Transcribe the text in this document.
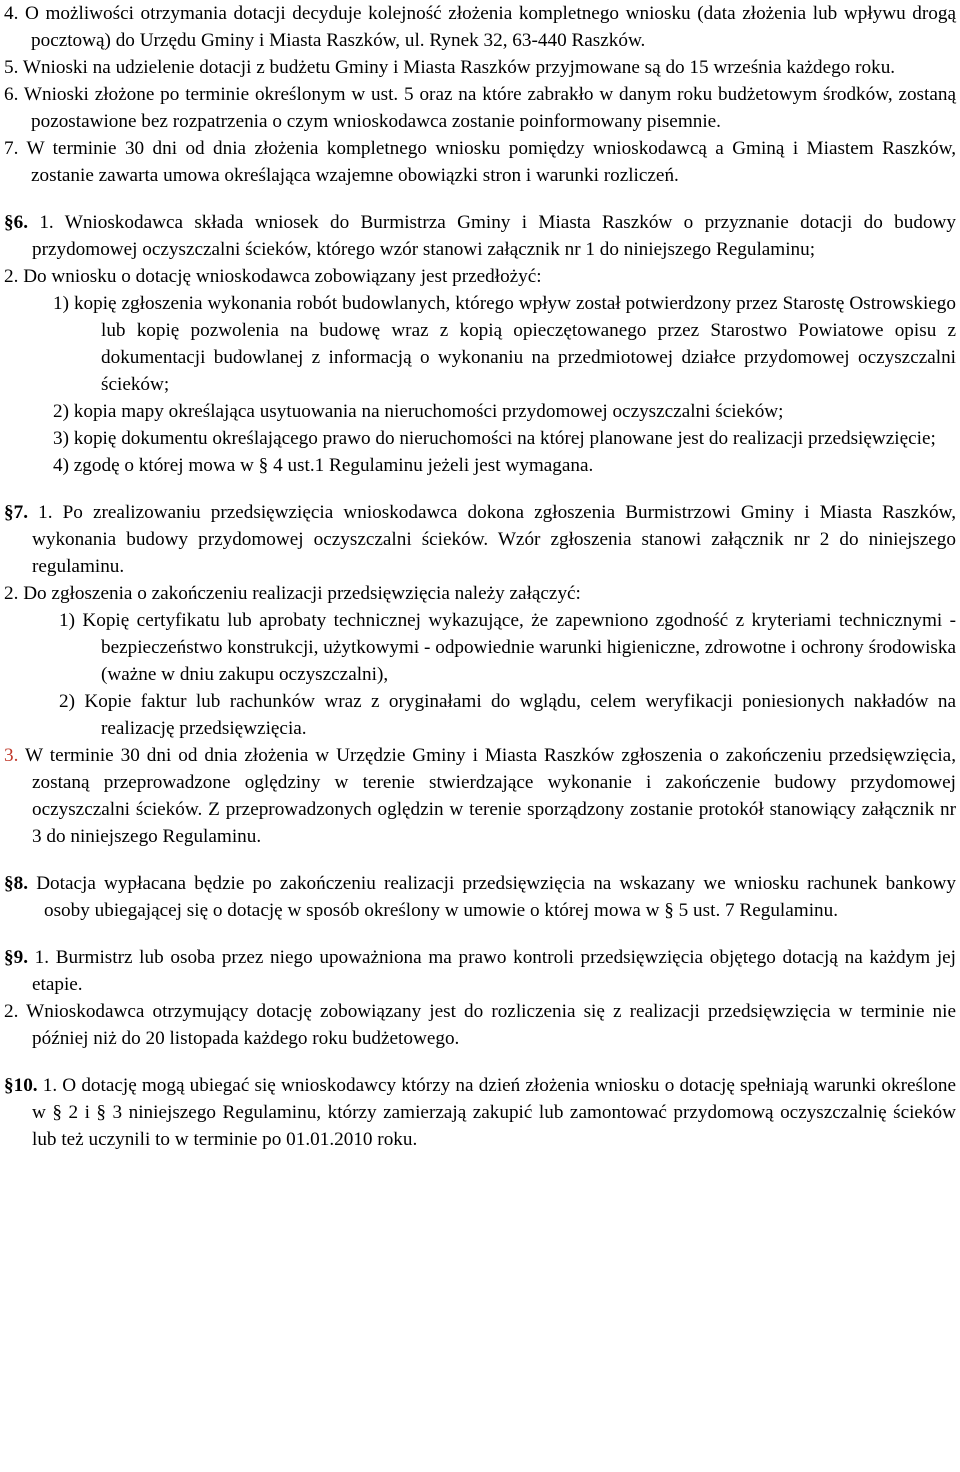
4. O możliwości otrzymania dotacji decyduje kolejność złożenia kompletnego wniosku (data złożenia lub wpływu drogą pocztową) do Urzędu Gminy i Miasta Raszków, ul. Rynek 32, 63-440 Raszków.

5. Wnioski na udzielenie dotacji z budżetu Gminy i Miasta Raszków przyjmowane są do 15 września każdego roku.

6. Wnioski złożone po terminie określonym w ust. 5 oraz na które zabrakło w danym roku budżetowym środków, zostaną pozostawione bez rozpatrzenia o czym wnioskodawca zostanie poinformowany pisemnie.

7. W terminie 30 dni od dnia złożenia kompletnego wniosku pomiędzy wnioskodawcą a Gminą i Miastem Raszków, zostanie zawarta umowa określająca wzajemne obowiązki stron i warunki rozliczeń.

§6. 1. Wnioskodawca składa wniosek do Burmistrza Gminy i Miasta Raszków o przyznanie dotacji do budowy przydomowej oczyszczalni ścieków, którego wzór stanowi załącznik nr 1 do niniejszego Regulaminu;

2. Do wniosku o dotację wnioskodawca zobowiązany jest przedłożyć:

1) kopię zgłoszenia wykonania robót budowlanych, którego wpływ został potwierdzony przez Starostę Ostrowskiego lub kopię pozwolenia na budowę wraz z kopią opieczętowanego przez Starostwo Powiatowe opisu z dokumentacji budowlanej z informacją o wykonaniu na przedmiotowej działce przydomowej oczyszczalni ścieków;

2) kopia mapy określająca usytuowania na nieruchomości przydomowej oczyszczalni ścieków;

3) kopię dokumentu określającego prawo do nieruchomości na której planowane jest do realizacji przedsięwzięcie;

4) zgodę o której mowa w § 4 ust.1 Regulaminu jeżeli jest wymagana.

§7. 1. Po zrealizowaniu przedsięwzięcia wnioskodawca dokona zgłoszenia Burmistrzowi Gminy i Miasta Raszków, wykonania budowy przydomowej oczyszczalni ścieków. Wzór zgłoszenia stanowi załącznik nr 2 do niniejszego regulaminu.

2. Do zgłoszenia o zakończeniu realizacji przedsięwzięcia należy załączyć:

1) Kopię certyfikatu lub aprobaty technicznej wykazujące, że zapewniono zgodność z kryteriami technicznymi - bezpieczeństwo konstrukcji, użytkowymi - odpowiednie warunki higieniczne, zdrowotne i ochrony środowiska (ważne w dniu zakupu oczyszczalni),

2) Kopie faktur lub rachunków wraz z oryginałami do wglądu, celem weryfikacji poniesionych nakładów na realizację przedsięwzięcia.

3. W terminie 30 dni od dnia złożenia w Urzędzie Gminy i Miasta Raszków zgłoszenia o zakończeniu przedsięwzięcia, zostaną przeprowadzone oględziny w terenie stwierdzające wykonanie i zakończenie budowy przydomowej oczyszczalni ścieków. Z przeprowadzonych oględzin w terenie sporządzony zostanie protokół stanowiący załącznik nr 3 do niniejszego Regulaminu.

§8. Dotacja wypłacana będzie po zakończeniu realizacji przedsięwzięcia na wskazany we wniosku rachunek bankowy osoby ubiegającej się o dotację w sposób określony w umowie o której mowa w § 5 ust. 7 Regulaminu.

§9. 1. Burmistrz lub osoba przez niego upoważniona ma prawo kontroli przedsięwzięcia objętego dotacją na każdym jej etapie.

2. Wnioskodawca otrzymujący dotację zobowiązany jest do rozliczenia się z realizacji przedsięwzięcia w terminie nie później niż do 20 listopada każdego roku budżetowego.

§10. 1. O dotację mogą ubiegać się wnioskodawcy którzy na dzień złożenia wniosku o dotację spełniają warunki określone w § 2 i § 3 niniejszego Regulaminu, którzy zamierzają zakupić lub zamontować przydomową oczyszczalnię ścieków lub też uczynili to w terminie po 01.01.2010 roku.
